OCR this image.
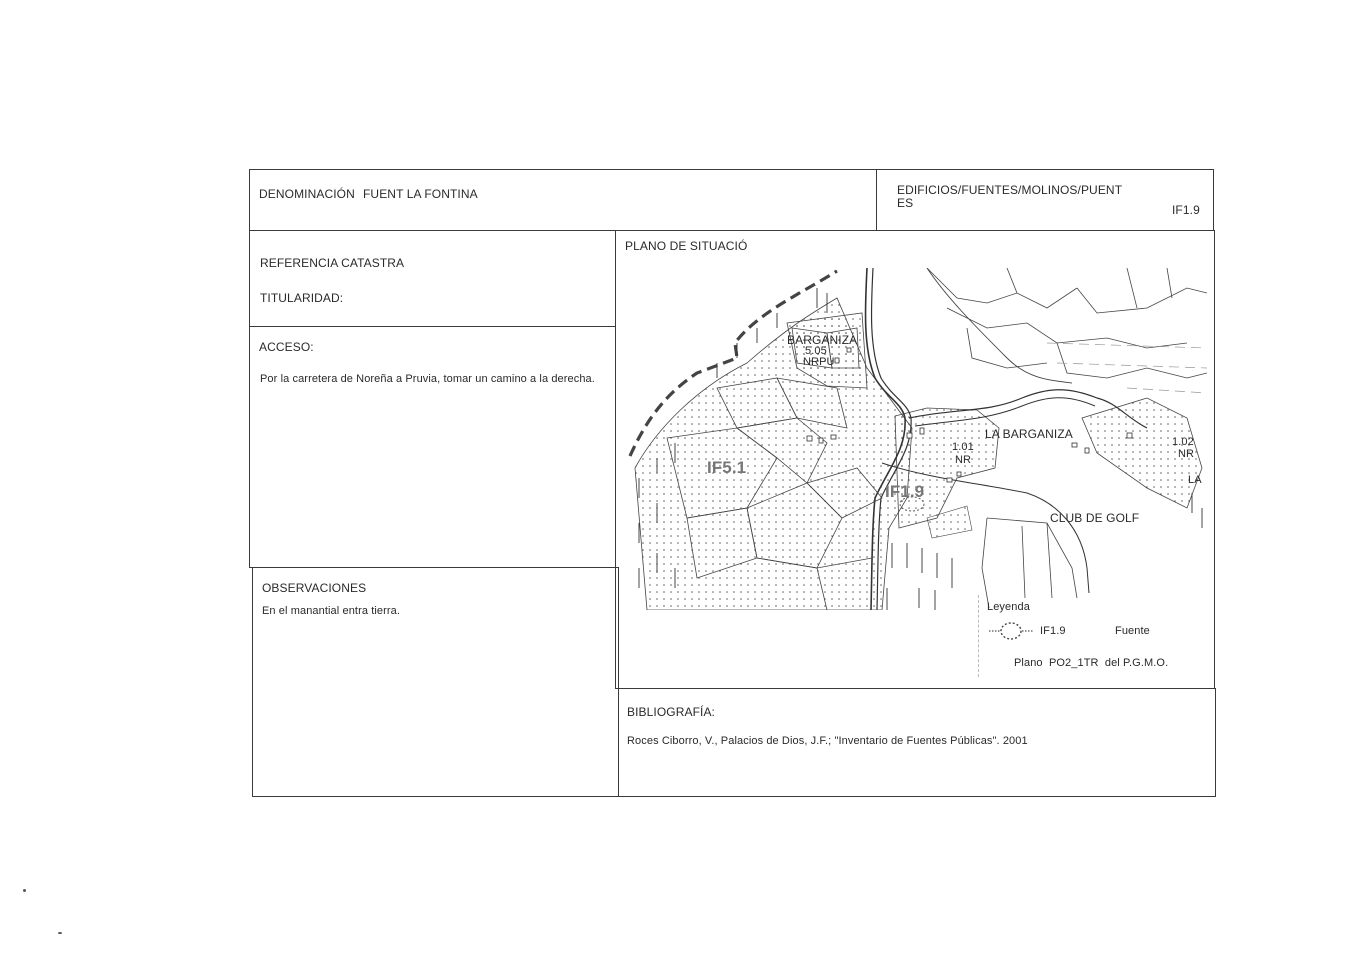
DENOMINACIÓN FUENT LA FONTINA	EDIFICIOS/FUENTES/MOLINOS/PUENT
ES	IF1.9
REFERENCIA CATASTRA
TITULARIDAD:
ACCESO:
Por la carretera de Noreña a Pruvia, tomar un camino a la derecha.
OBSERVACIONES
En el manantial entra tierra.
PLANO DE SITUACIÓ
BARGANIZA
5.05
NRPU
LA BARGANIZA
1.01
NR
1.02
NR
LA
IF5.1
IF1.9
CLUB DE GOLF
Leyenda
IF1.9	Fuente
Plano  PO2_1TR  del P.G.M.O.
BIBLIOGRAFÍA:
Roces Ciborro, V., Palacios de Dios, J.F.; "Inventario de Fuentes Públicas". 2001
